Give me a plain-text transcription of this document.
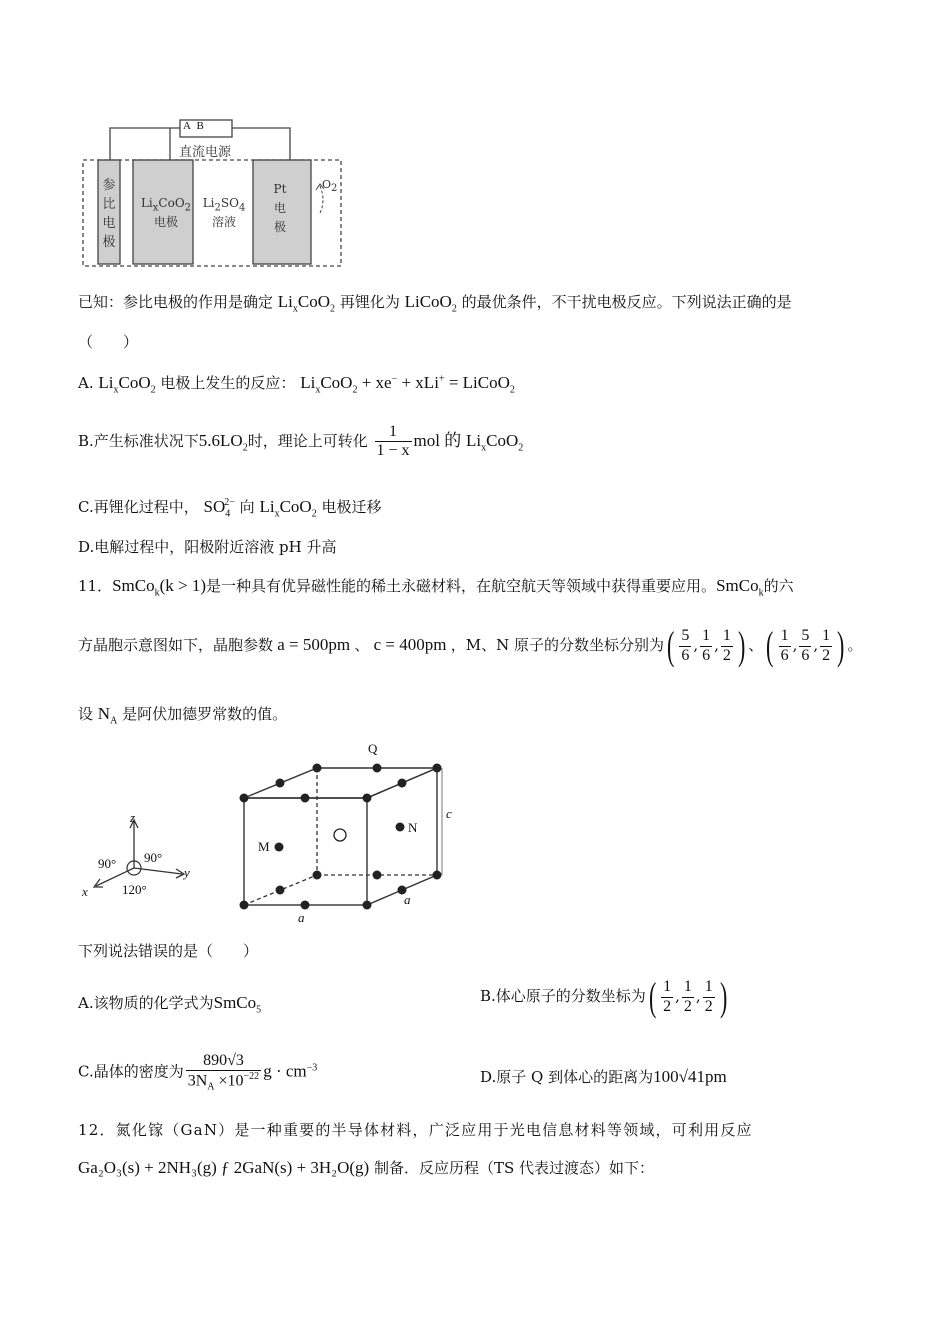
A B
直流电源
参
比
电
极
$Li_xCoO_2$
电极
$Li_2SO_4$
溶液
Pt
电
极
$O_2$
已知：参比电极的作用是确定 $Li_xCoO_2$ 再锂化为 LiCoO$_2$ 的最优条件，不干扰电极反应。下列说法正确的是
（　　）
A. $Li_xCoO_2$ 电极上发生的反应： $Li_xCoO_2 + xe^- + xLi^+$ = LiCoO$_2$
B.产生标准状况下$5.6LO_2$时，理论上可转化 $\frac{1}{1 - x}$ mol 的 $Li_xCoO_2$
C.再锂化过程中， $SO_4^{2-}$ 向 $Li_xCoO_2$ 电极迁移
D.电解过程中，阳极附近溶液 pH 升高
11．SmCo$_k$(k > 1)是一种具有优异磁性能的稀土永磁材料，在航空航天等领域中获得重要应用。SmCo$_k$的六
方晶胞示意图如下，晶胞参数 a = 500pm 、 c = 400pm ，M、N 原子的分数坐标分别为( $\frac{5}{6}$ , $\frac{1}{6}$ , $\frac{1}{2}$ ) 、( $\frac{1}{6}$ , $\frac{5}{6}$ , $\frac{1}{2}$ ) 。
设 $N_A$ 是阿伏加德罗常数的值。
z
y
x
90° 90°
120°
Q
M
N
c
a
a
下列说法错误的是（　　）
A.该物质的化学式为SmCo$_5$
B.体心原子的分数坐标为( $\frac{1}{2}$ , $\frac{1}{2}$ , $\frac{1}{2}$ )
C.晶体的密度为 $\frac{890√3}{3N_A \times 10^{-22}}$ $g \cdot cm^{-3}$	D.原子 Q 到体心的距离为100√41pm
12．氮化镓（GaN）是一种重要的半导体材料，广泛应用于光电信息材料等领域，可利用反应
Ga₂O₃(s) + 2NH₃(g) ƒ 2GaN(s) + 3H₂O(g) 制备．反应历程（TS 代表过渡态）如下：
